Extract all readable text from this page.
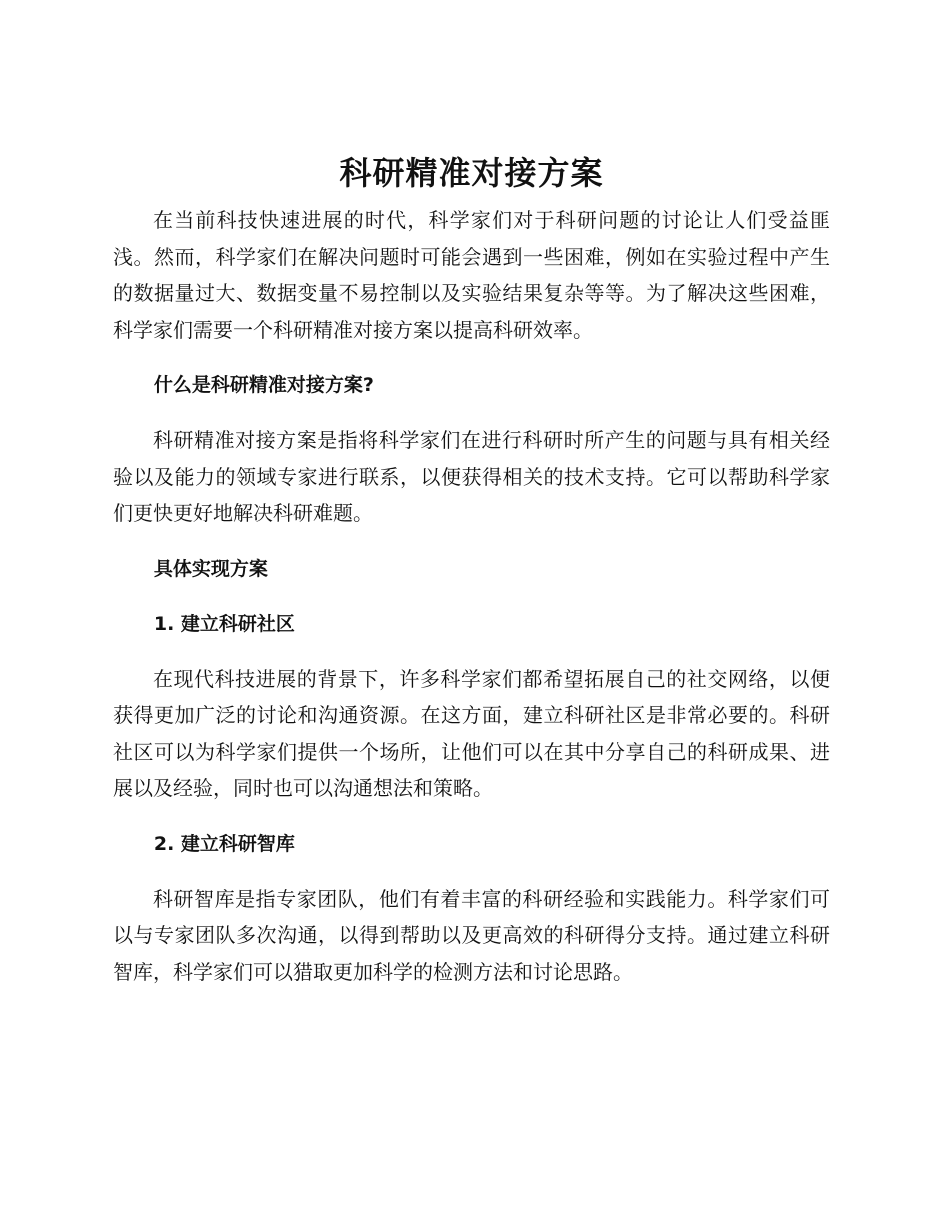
科研精准对接方案

在当前科技快速进展的时代，科学家们对于科研问题的讨论让人们受益匪浅。然而，科学家们在解决问题时可能会遇到一些困难，例如在实验过程中产生的数据量过大、数据变量不易控制以及实验结果复杂等等。为了解决这些困难，科学家们需要一个科研精准对接方案以提高科研效率。

什么是科研精准对接方案?

科研精准对接方案是指将科学家们在进行科研时所产生的问题与具有相关经验以及能力的领域专家进行联系，以便获得相关的技术支持。它可以帮助科学家们更快更好地解决科研难题。

具体实现方案
1. 建立科研社区

在现代科技进展的背景下，许多科学家们都希望拓展自己的社交网络，以便获得更加广泛的讨论和沟通资源。在这方面，建立科研社区是非常必要的。科研社区可以为科学家们提供一个场所，让他们可以在其中分享自己的科研成果、进展以及经验，同时也可以沟通想法和策略。

2. 建立科研智库

科研智库是指专家团队，他们有着丰富的科研经验和实践能力。科学家们可以与专家团队多次沟通，以得到帮助以及更高效的科研得分支持。通过建立科研智库，科学家们可以猎取更加科学的检测方法和讨论思路。
